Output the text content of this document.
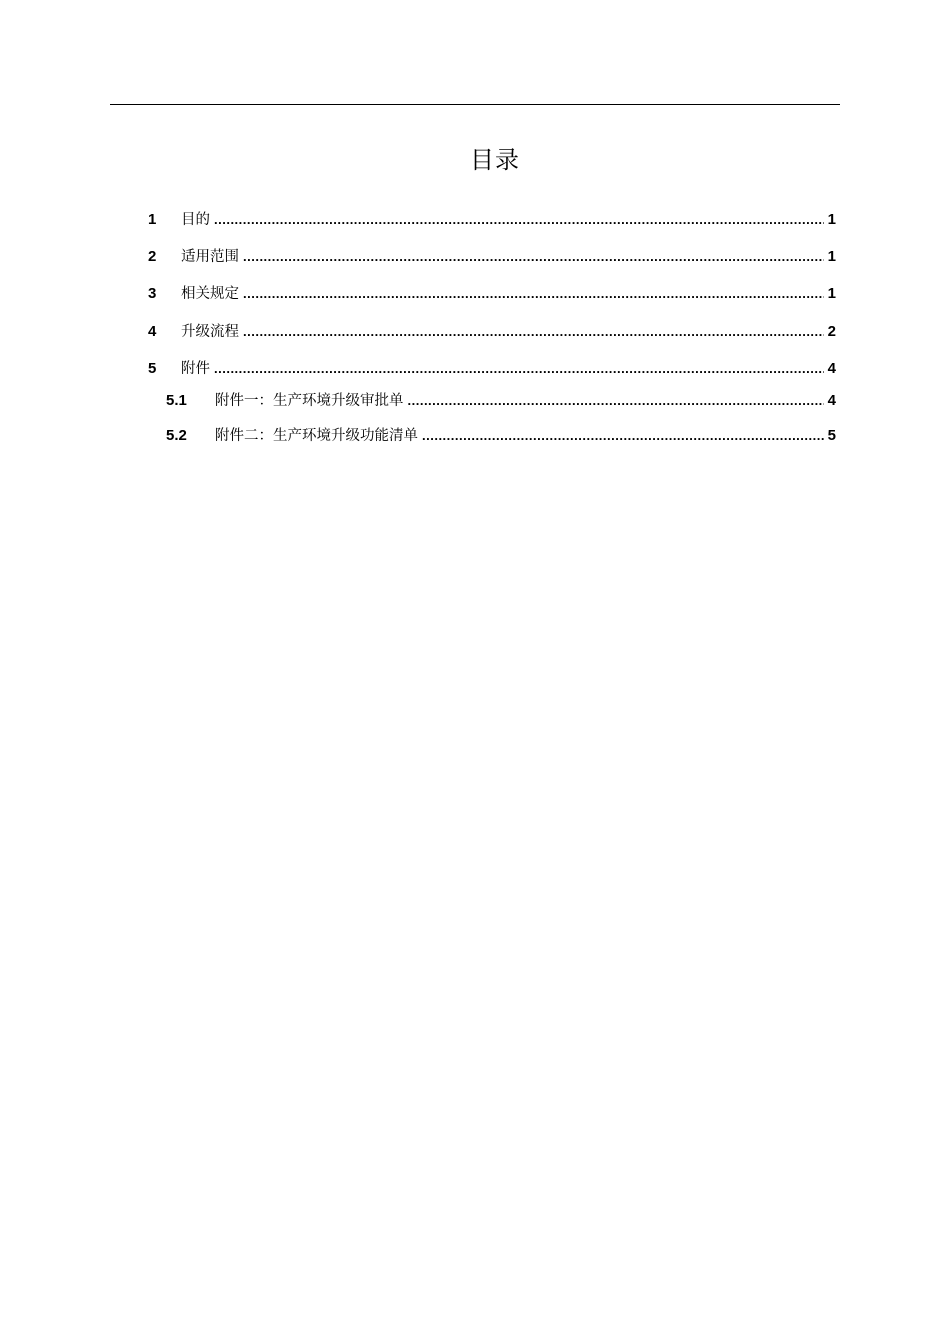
目录
1	目的 .....	1
2	适用范围 .....	1
3	相关规定 .....	1
4	升级流程 .....	2
5	附件 .....	4
5.1	附件一：生产环境升级审批单 .....	4
5.2	附件二：生产环境升级功能清单 .....	5
